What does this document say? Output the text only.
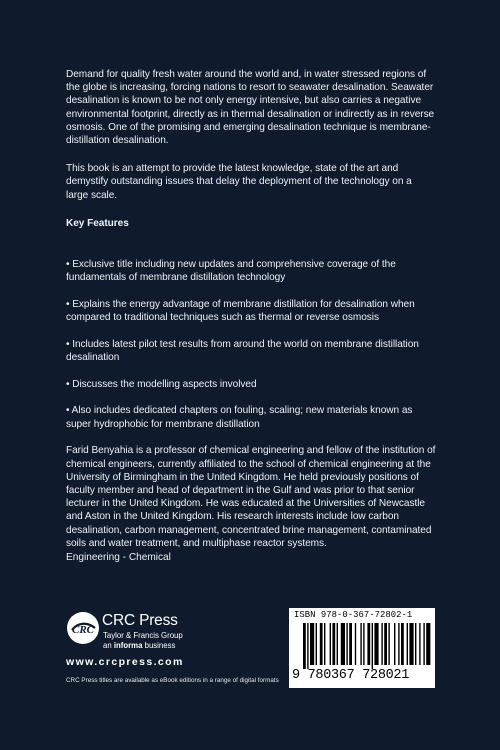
Demand for quality fresh water around the world and, in water stressed regions of the globe is increasing, forcing nations to resort to seawater desalination. Seawater desalination is known to be not only energy intensive, but also carries a negative environmental footprint, directly as in thermal desalination or indirectly as in reverse osmosis. One of the promising and emerging desalination technique is membrane-distillation desalination.

This book is an attempt to provide the latest knowledge, state of the art and demystify outstanding issues that delay the deployment of the technology on a large scale.

Key Features

• Exclusive title including new updates and comprehensive coverage of the fundamentals of membrane distillation technology

• Explains the energy advantage of membrane distillation for desalination when compared to traditional techniques such as thermal or reverse osmosis

• Includes latest pilot test results from around the world on membrane distillation desalination

• Discusses the modelling aspects involved

• Also includes dedicated chapters on fouling, scaling; new materials known as super hydrophobic for membrane distillation

Farid Benyahia is a professor of chemical engineering and fellow of the institution of chemical engineers, currently affiliated to the school of chemical engineering at the University of Birmingham in the United Kingdom. He held previously positions of faculty member and head of department in the Gulf and was prior to that senior lecturer in the United Kingdom. He was educated at the Universities of Newcastle and Aston in the United Kingdom. His research interests include low carbon desalination, carbon management, concentrated brine management, contaminated soils and water treatment, and multiphase reactor systems.

Engineering - Chemical
CRC
CRC Press
Taylor & Francis Group
an informa business
www.crcpress.com
CRC Press titles are available as eBook editions in a range of digital formats
ISBN 978-0-367-72802-1
9 780367 728021
